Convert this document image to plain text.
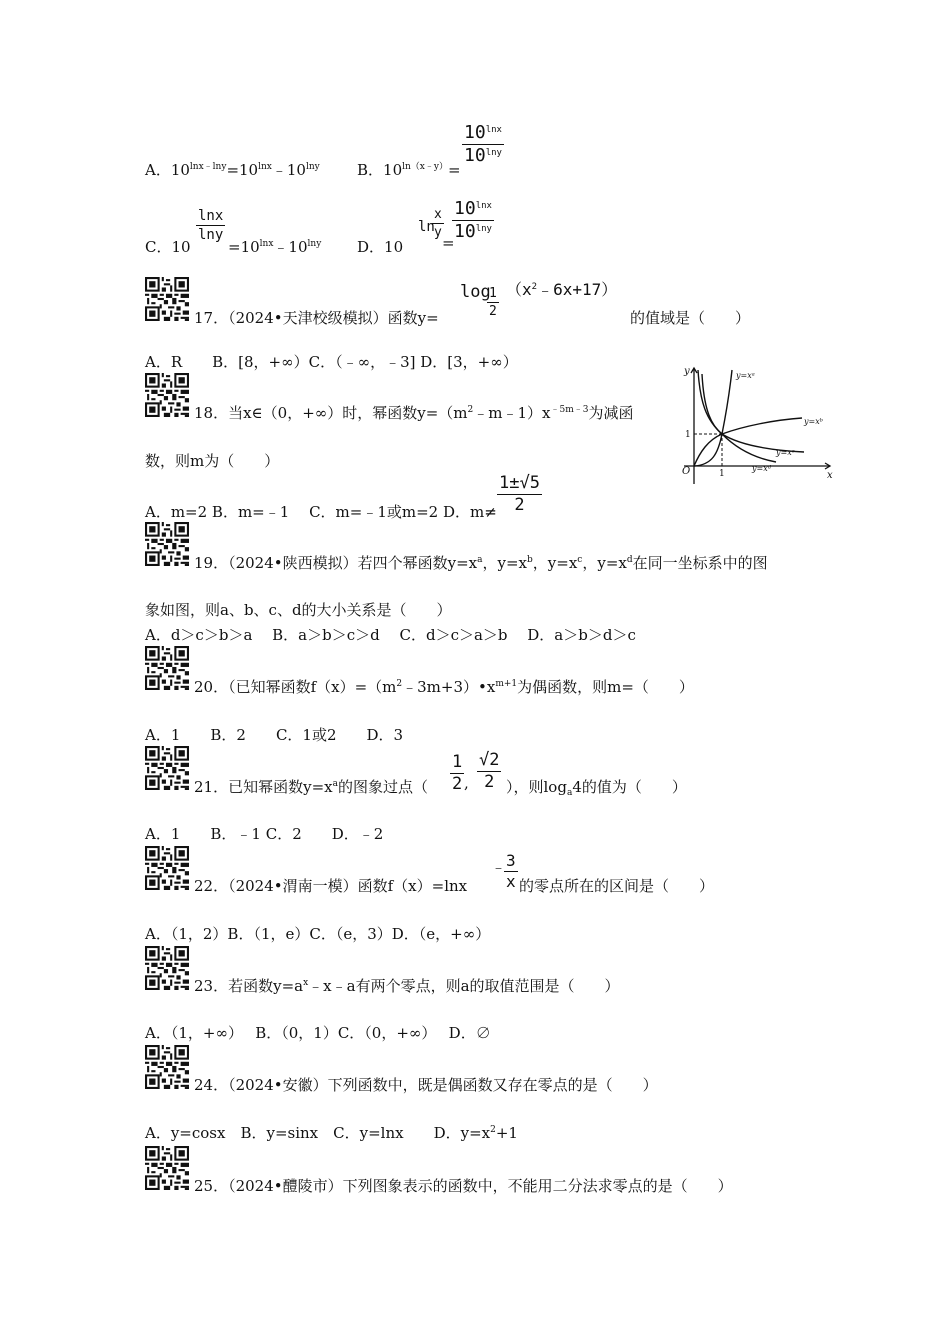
A．$10^{lnx﹣lny}=10^{lnx}﹣10^{lny}$ B．$10^{ln(x﹣y)}=$
$10^{lnx}$
$10^{lny}$
C．10
lnx
lny
$=10^{lnx}﹣10^{lny}$ D．10
ln
x
y
=
$10^{lnx}$
$10^{lny}$
17．（2024•天津校级模拟）函数y=
log
1
2
$(x^2﹣6x+17)$
的值域是（　　）
A．R　　B．[8，+∞）C．（﹣∞，﹣3] D．[3，+∞）
18．当x∈（0，+∞）时，幂函数$y=(m^2﹣m﹣1)x^{﹣5m﹣3}$为减函
数，则m为（　　）
A．m=2 B．m=﹣1　 C．m=﹣1或m=2 D．m≠
1±√5
2
y=xᵃ
y=xᵇ
y=xᶜ
y=xᵈ
y
x
O	1
1
19．（2024•陕西模拟）若四个幂函数$y=x^a$，$y=x^b$，$y=x^c$，$y=x^d$在同一坐标系中的图
象如图，则a、b、c、d的大小关系是（　　）
A．d＞c＞b＞a　 B．a＞b＞c＞d　 C．d＞c＞a＞b　 D．a＞b＞d＞c
20．（已知幂函数$f(x)=(m^2﹣3m+3)•x^{m+1}$为偶函数，则m=（　　）
A．1　　B．2　　C．1或2　　D．3
21．已知幂函数$y=x^a$的图象过点（
1
2 ,
√2
2 ），则$\log_a4$的值为（　　）
A．1　　B．﹣1 C．2　　D．﹣2
22．（2024•渭南一模）函数f（x）=lnx
﹣ 3
x 的零点所在的区间是（　　）
A．（1，2）B．（1，e）C．（e，3）D．（e，+∞）
23．若函数$y=a^x﹣x﹣a$有两个零点，则a的取值范围是（　　）
A．（1，+∞）　 B．（0，1）C．（0，+∞）　 D．∅
24．（2024•安徽）下列函数中，既是偶函数又存在零点的是（　　）
A．y=cosx　B．y=sinx　C．y=lnx　　D．$y=x^2+1$
25．（2024•醴陵市）下列图象表示的函数中，不能用二分法求零点的是（　　）
